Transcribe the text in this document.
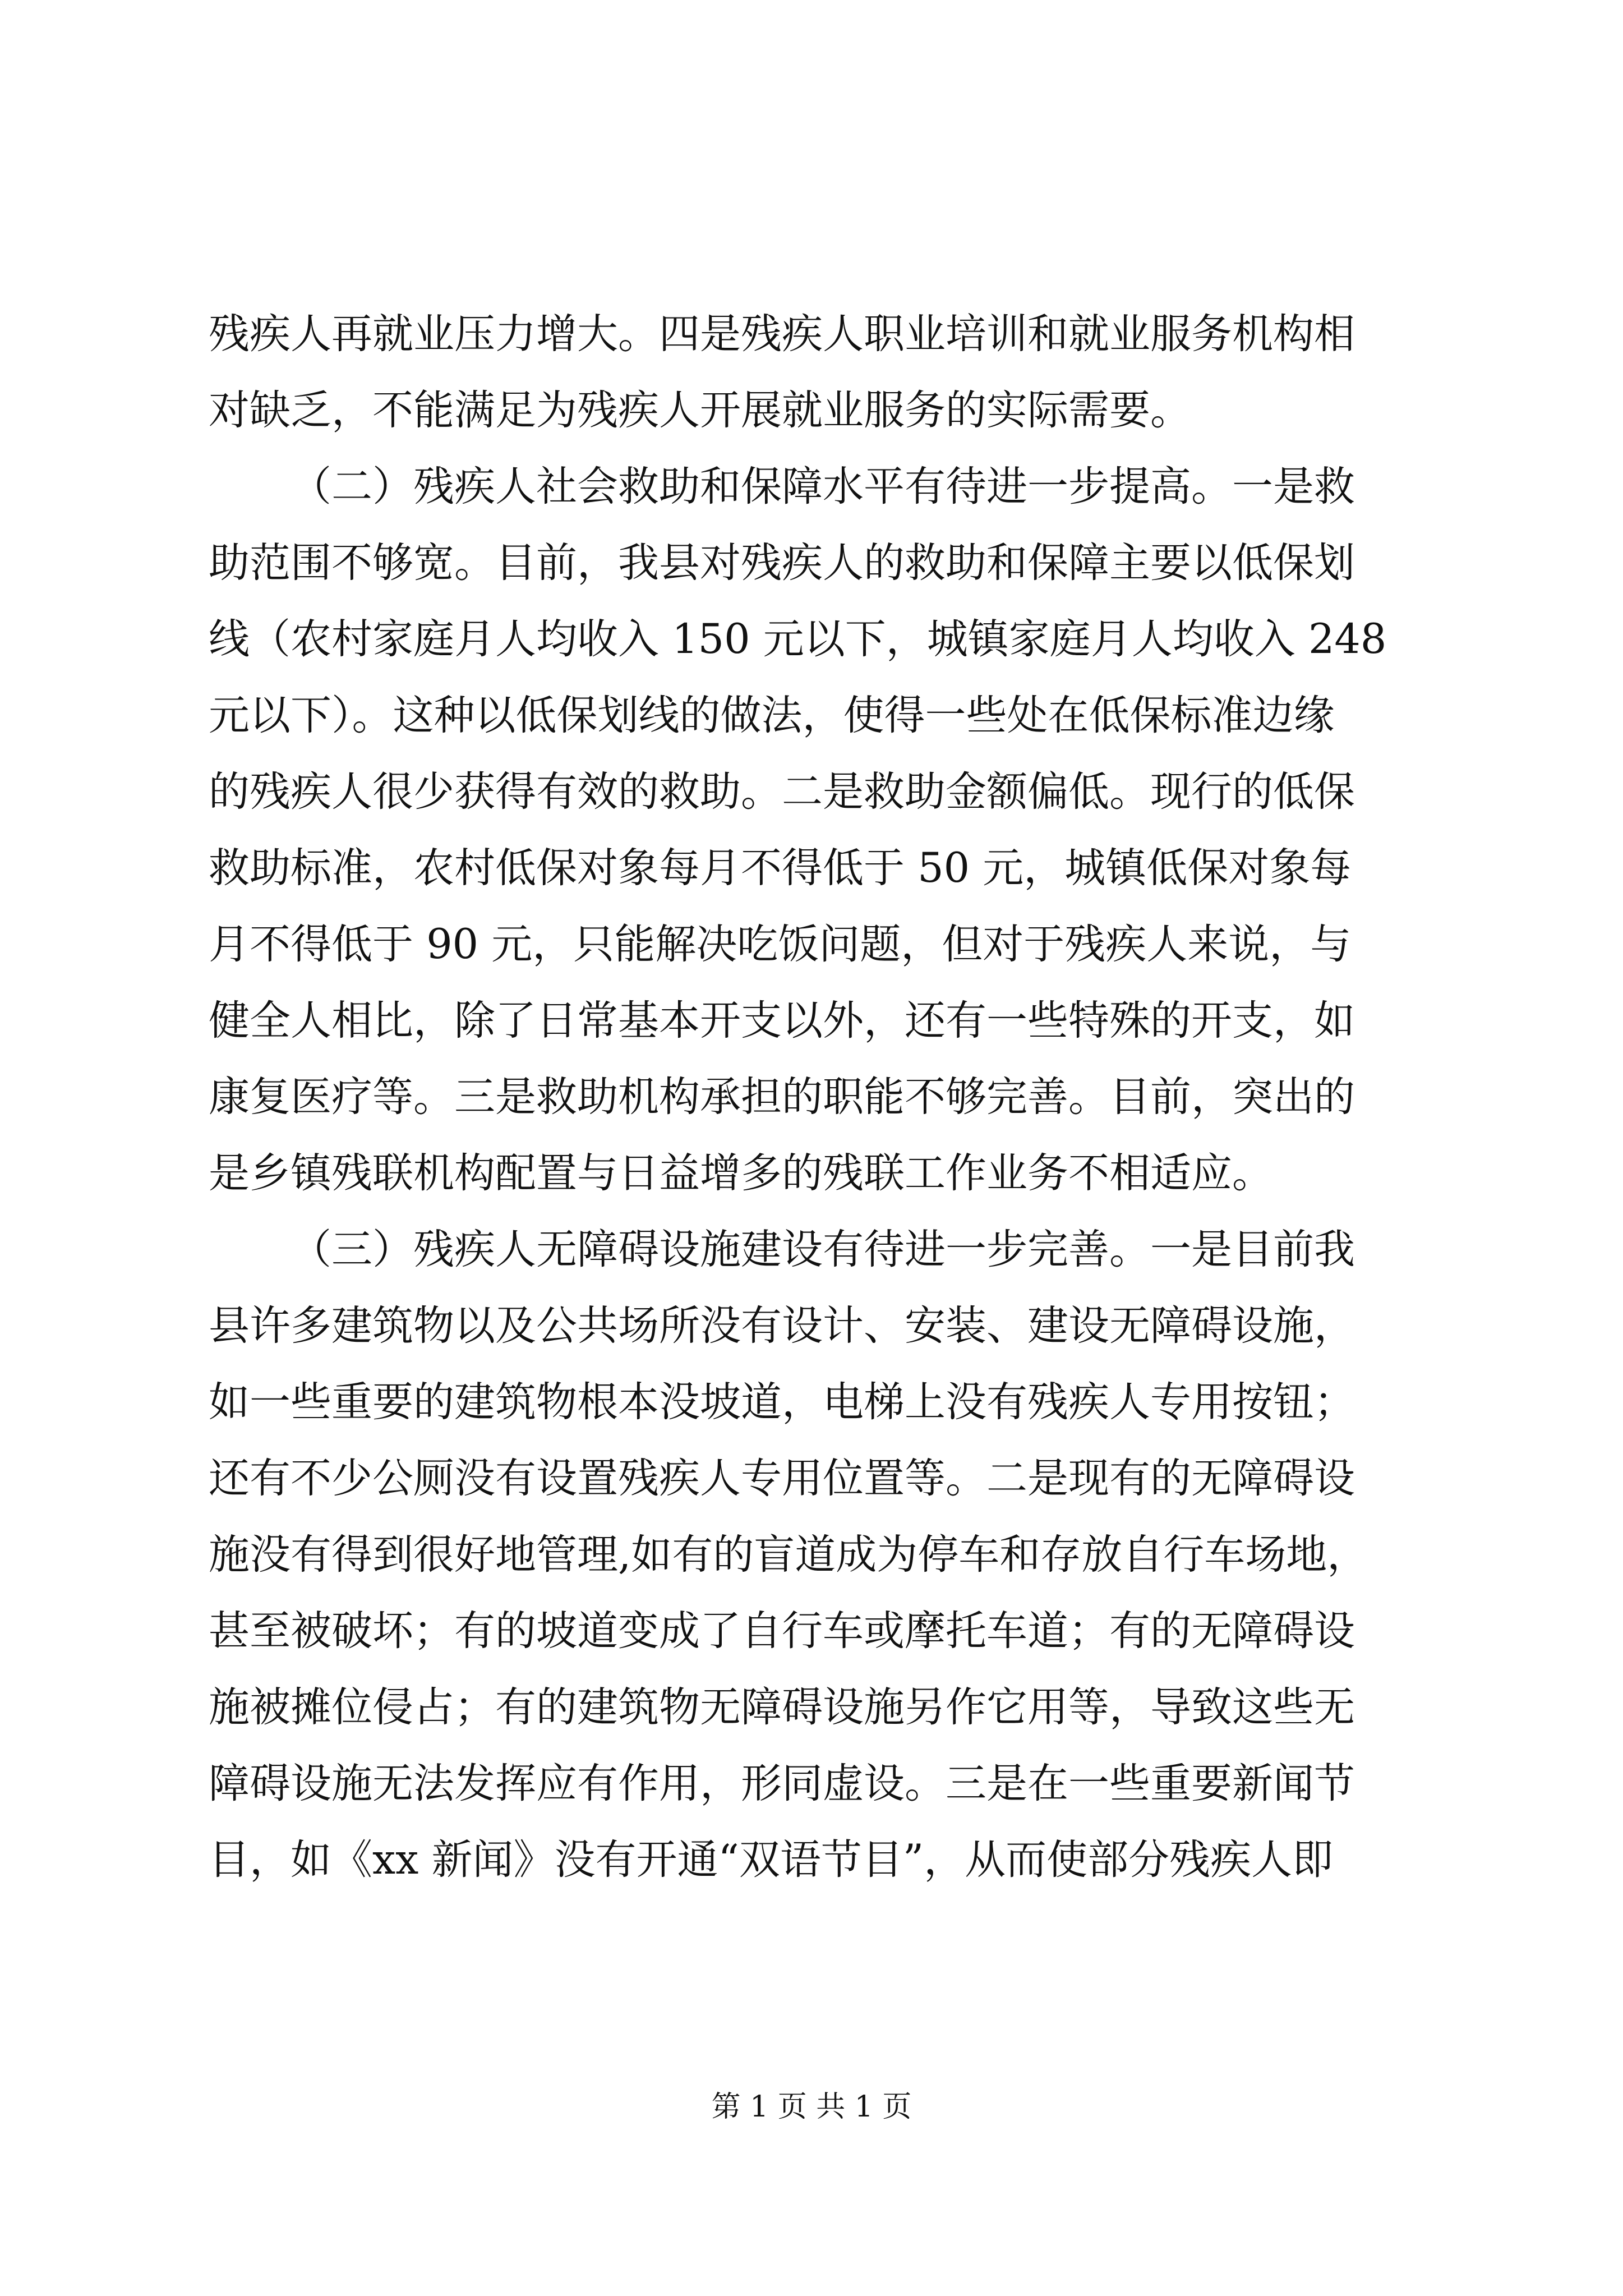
残疾人再就业压力增大。四是残疾人职业培训和就业服务机构相
对缺乏，不能满足为残疾人开展就业服务的实际需要。
（二）残疾人社会救助和保障水平有待进一步提高。一是救
助范围不够宽。目前，我县对残疾人的救助和保障主要以低保划
线（农村家庭月人均收入 150 元以下，城镇家庭月人均收入 248
元以下）。这种以低保划线的做法，使得一些处在低保标准边缘
的残疾人很少获得有效的救助。二是救助金额偏低。现行的低保
救助标准，农村低保对象每月不得低于 50 元，城镇低保对象每
月不得低于 90 元，只能解决吃饭问题，但对于残疾人来说，与
健全人相比，除了日常基本开支以外，还有一些特殊的开支，如
康复医疗等。三是救助机构承担的职能不够完善。目前，突出的
是乡镇残联机构配置与日益增多的残联工作业务不相适应。
（三）残疾人无障碍设施建设有待进一步完善。一是目前我
县许多建筑物以及公共场所没有设计、安装、建设无障碍设施，
如一些重要的建筑物根本没坡道，电梯上没有残疾人专用按钮；
还有不少公厕没有设置残疾人专用位置等。二是现有的无障碍设
施没有得到很好地管理,如有的盲道成为停车和存放自行车场地，
甚至被破坏；有的坡道变成了自行车或摩托车道；有的无障碍设
施被摊位侵占；有的建筑物无障碍设施另作它用等，导致这些无
障碍设施无法发挥应有作用，形同虚设。三是在一些重要新闻节
目，如《xx 新闻》没有开通“双语节目”，从而使部分残疾人即
第 1 页 共 1 页
